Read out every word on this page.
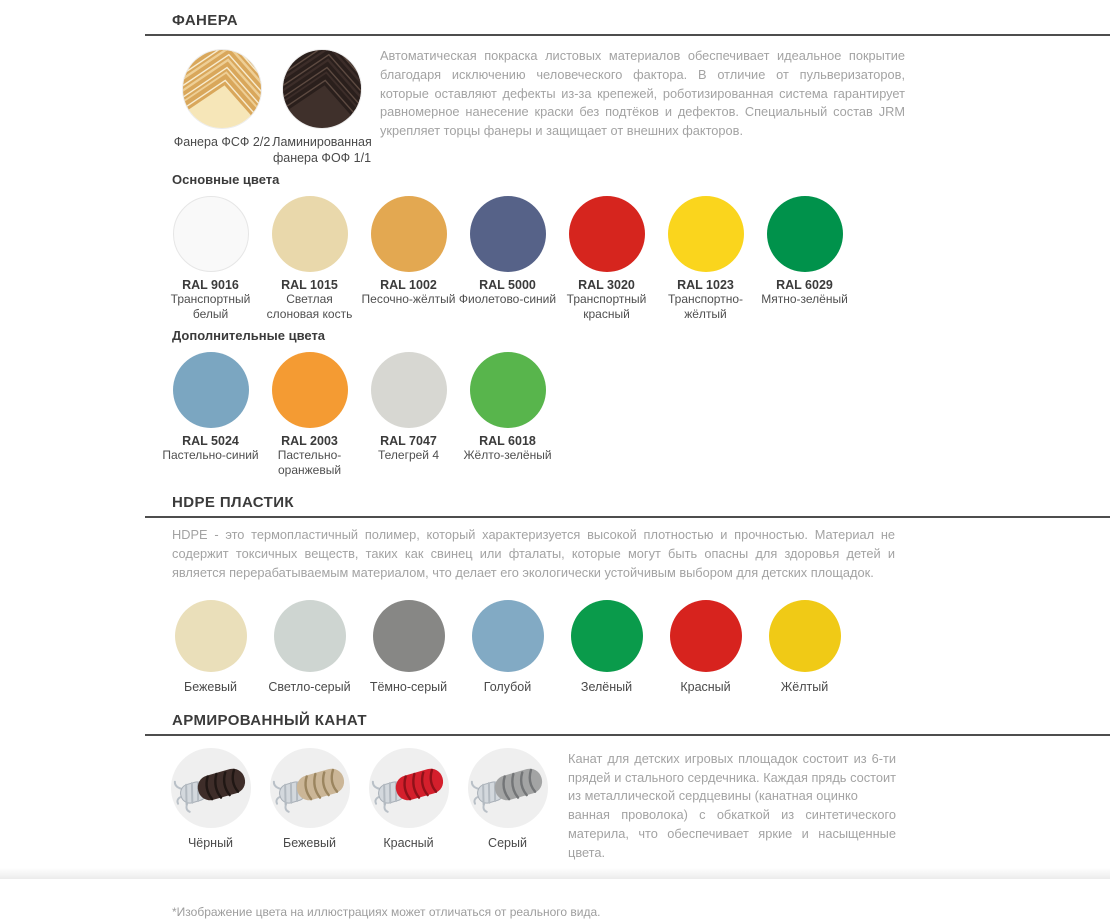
ФАНЕРА
Фанера ФСФ 2/2 Ламинированная фанера ФОФ 1/1

Автоматическая покраска листовых материалов обеспечивает идеальное покрытие благодаря исключению человеческого фактора. В отличие от пульверизаторов, которые оставляют дефекты из-за крепежей, роботизированная система гарантирует равномерное нанесение краски без подтёков и дефектов. Специальный состав JRM укрепляет торцы фанеры и защищает от внешних факторов.

Основные цвета
RAL 9016
Транспортный белый
RAL 1015
Светлая слоновая кость
RAL 1002
Песочно-жёлтый
RAL 5000
Фиолетово-синий
RAL 3020
Транспортный красный
RAL 1023
Транспортно-жёлтый
RAL 6029
Мятно-зелёный
Дополнительные цвета
RAL 5024
Пастельно-синий
RAL 2003
Пастельно-оранжевый
RAL 7047
Телегрей 4
RAL 6018
Жёлто-зелёный
HDPE ПЛАСТИК

HDPE - это термопластичный полимер, который характеризуется высокой плотностью и прочностью. Материал не содержит токсичных веществ, таких как свинец или фталаты, которые могут быть опасны для здоровья детей и является перерабатываемым материалом, что делает его экологически устойчивым выбором для детских площадок.

Бежевый	Светло-серый	Тёмно-серый	Голубой	Зелёный	Красный	Жёлтый
АРМИРОВАННЫЙ КАНАТ
Чёрный	Бежевый	Красный	Серый

Канат для детских игровых площадок состоит из 6-ти прядей и стального сердечника. Каждая прядь состоит из металлической сердцевины (канатная оцинко
ванная проволока) с обкаткой из синтетического материла, что обеспечивает яркие и насыщенные цвета.

*Изображение цвета на иллюстрациях может отличаться от реального вида.
